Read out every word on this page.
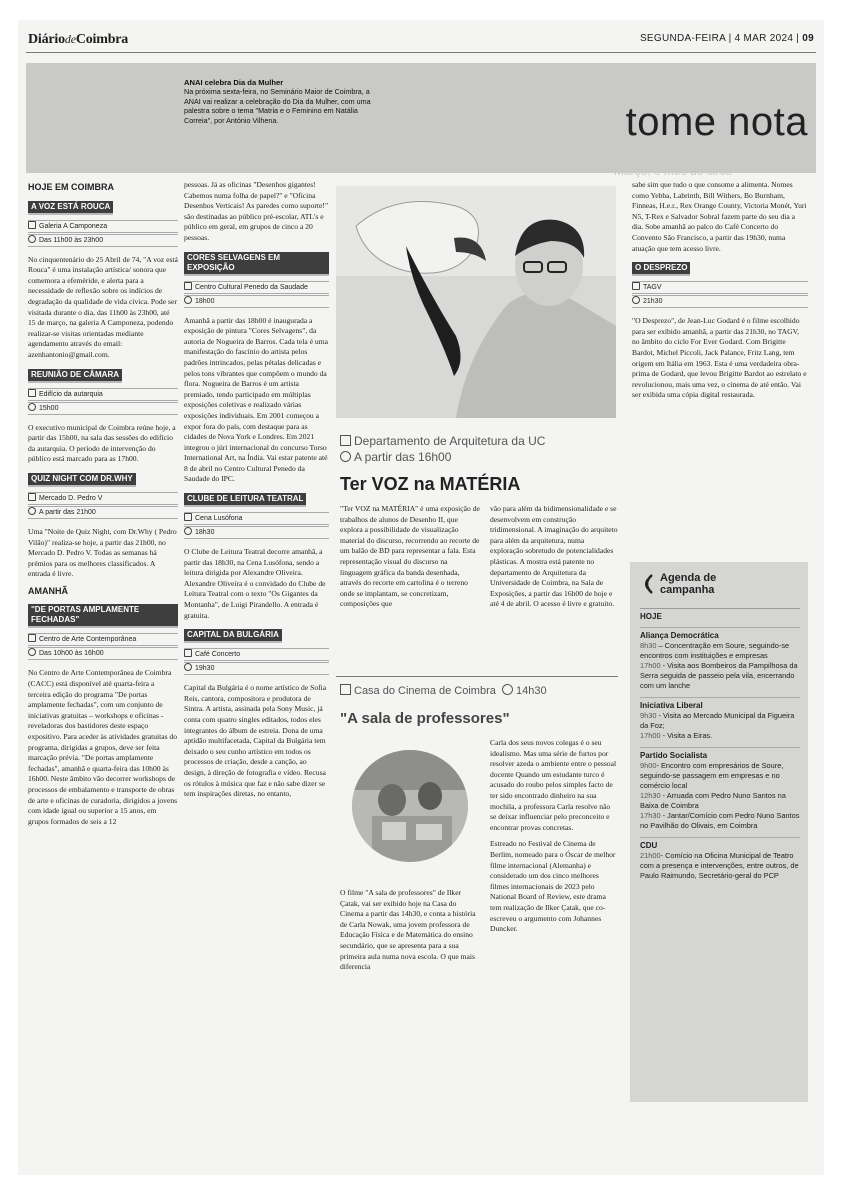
DiáriodeCoimbra	SEGUNDA-FEIRA | 4 MAR 2024 | 09
ANAI celebra Dia da Mulher
Na próxima sexta-feira, no Seminário Maior de Coimbra, a ANAI vai realizar a celebração do Dia da Mulher, com uma palestra sobre o tema "Matria e o Feminino em Natália Correia", por António Vilhena.	tome nota
Março, o mês do circo
HOJE EM COIMBRA
A VOZ ESTÁ ROUCA
Galeria A Camponeza
Das 11h00 às 23h00

No cinquentenário do 25 Abril de 74, "A voz está Rouca" é uma instalação artística/ sonora que comemora a efeméride, e alerta para a necessidade de reflexão sobre os indícios de degradação da qualidade de vida cívica. Pode ser visitada durante o dia, das 11h00 às 23h00, até 15 de março, na galeria A Camponeza, podendo realizar-se visitas orientadas mediante agendamento através do email: azenhantonio@gmail.com.

REUNIÃO DE CÂMARA
Edifício da autarquia
15h00

O executivo municipal de Coimbra reúne hoje, a partir das 15h00, na sala das sessões do edifício da autarquia. O período de intervenção do público está marcado para as 17h00.

QUIZ NIGHT COM DR.WHY
Mercado D. Pedro V
A partir das 21h00

Uma "Noite de Quiz Night, com Dr.Why ( Pedro Vilão)" realiza-se hoje, a partir das 21h00, no Mercado D. Pedro V. Todas as semanas há prémios para os melhores classificados. A entrada é livre.

AMANHÃ
"DE PORTAS AMPLAMENTE FECHADAS"
Centro de Arte Contemporânea
Das 10h00 às 16h00

No Centro de Arte Contemporânea de Coimbra (CACC) está disponível até quarta-feira a terceira edição do programa "De portas amplamente fechadas", com um conjunto de iniciativas gratuitas – workshops e oficinas - reveladoras dos bastidores deste espaço expositivo. Para aceder às atividades gratuitas do programa, dirigidas a grupos, deve ser feita marcação prévia. "De portas amplamente fechadas", amanhã e quarta-feira das 10h00 às 16h00. Neste âmbito vão decorrer workshops de processos de embalamento e transporte de obras de arte e oficinas de curadoria, dirigidos a jovens com idade igual ou superior a 15 anos, em grupos formados de seis a 12

pessoas. Já as oficinas "Desenhos gigantes! Cabemos numa folha de papel?" e "Oficina Desenhos Verticais! As paredes como suporte!" são destinadas ao público pré-escolar, ATL's e público em geral, em grupos de cinco a 20 pessoas.

CORES SELVAGENS EM EXPOSIÇÃO
Centro Cultural Penedo da Saudade
18h00

Amanhã a partir das 18h00 é inaugurada a exposição de pintura "Cores Selvagens", da autoria de Nogueira de Barros. Cada tela é uma manifestação do fascínio do artista pelos padrões intrincados, pelas pétalas delicadas e pelos tons vibrantes que compõem o mundo da flora. Nogueira de Barros é um artista premiado, tendo participado em múltiplas exposições coletivas e realizado várias exposições individuais. Em 2001 começou a expor fora do país, com destaque para as cidades de Nova York e Londres. Em 2021 integrou o júri internacional do concurso Torso International Art, na Índia. Vai estar patente até 8 de abril no Centro Cultural Penedo da Saudade do IPC.

CLUBE DE LEITURA TEATRAL
Cena Lusófona
18h30

O Clube de Leitura Teatral decorre amanhã, a partir das 18h30, na Cena Lusófona, sendo a leitura dirigida por Alexandre Oliveira. Alexandre Oliveira é o convidado do Clube de Leitura Teatral com o texto "Os Gigantes da Montanha", de Luigi Pirandello. A entrada é gratuita.

CAPITAL DA BULGÁRIA
Café Concerto
19h30

Capital da Bulgária é o nome artístico de Sofia Reis, cantora, compositora e produtora de Sintra. A artista, assinada pela Sony Music, já conta com quatro singles editados, todos eles integrantes do álbum de estreia. Dona de uma aptidão multifacetada, Capital da Bulgária tem deixado o seu cunho artístico em todos os processos de criação, desde a canção, ao design, à direção de fotografia e vídeo. Recusa os rótulos à música que faz e não sabe dizer se tem inspirações diretas, no entanto,

Departamento de Arquitetura da UC
A partir das 16h00
Ter VOZ na MATÉRIA

"Ter VOZ na MATÉRIA" é uma exposição de trabalhos de alunos de Desenho II, que explora a possibilidade de visualização material do discurso, recorrendo ao recorte de um balão de BD para representar a fala. Esta representação visual do discurso na linguagem gráfica da banda desenhada, através do recorte em cartolina é o terreno onde se implantam, se concretizam, composições que

vão para além da bidimensionalidade e se desenvolvem em construção tridimensional. A imaginação do arquiteto para além da arquitetura, numa exploração sobretudo de potencialidades plásticas. A mostra está patente no departamento de Arquitetura da Universidade de Coimbra, na Sala de Exposições, a partir das 16h00 de hoje e até 4 de abril. O acesso é livre e gratuito.

Casa do Cinema de Coimbra 14h30
"A sala de professores"

O filme "A sala de professores" de Ilker Çatak, vai ser exibido hoje na Casa do Cinema a partir das 14h30, e conta a história de Carla Nowak, uma jovem professora de Educação Física e de Matemática do ensino secundário, que se apresenta para a sua primeira aula numa nova escola. O que mais diferencia

Carla dos seus novos colegas é o seu idealismo. Mas uma série de furtos por resolver azeda o ambiente entre o pessoal docente Quando um estudante turco é acusado do roubo pelos simples facto de ter sido encontrado dinheiro na sua mochila, a professora Carla resolve não se deixar influenciar pelo preconceito e encontrar provas concretas.

Estreado no Festival de Cinema de Berlim, nomeado para o Óscar de melhor filme internacional (Alemanha) e considerado um dos cinco melhores filmes internacionais de 2023 pelo National Board of Review, este drama tem realização de Ilker Çatak, que co-escreveu o argumento com Johannes Duncker.

sabe sim que tudo o que consome a alimenta. Nomes como Yebba, Labrinth, Bill Withers, Bo Burnham, Finneas, H.e.r., Rex Orange County, Victoria Monét, Yuri N5, T-Rex e Salvador Sobral fazem parte do seu dia a dia. Sobe amanhã ao palco do Café Concerto do Convento São Francisco, a partir das 19h30, numa atuação que tem acesso livre.

O DESPREZO
TAGV
21h30

"O Desprezo", de Jean-Luc Godard é o filme escolhido para ser exibido amanhã, a partir das 21h30, no TAGV, no âmbito do ciclo For Ever Godard. Com Brigitte Bardot, Michel Piccoli, Jack Palance, Fritz Lang, tem origem em Itália em 1963. Esta é uma verdadeira obra-prima de Godard, que levou Brigitte Bardot ao estrelato e revolucionou, mais uma vez, o cinema de até então. Vai ser exibida uma cópia digital restaurada.

Agenda de
campanha
HOJE
Aliança Democrática
8h30 – Concentração em Soure, seguindo-se encontros com instituições e empresas
17h00 - Visita aos Bombeiros da Pampilhosa da Serra seguida de passeio pela vila, encerrando com um lanche
Iniciativa Liberal
9h30 - Visita ao Mercado Municipal da Figueira da Foz;
17h00 - Visita a Eiras.
Partido Socialista
9h00- Encontro com empresários de Soure, seguindo-se passagem em empresas e no comércio local
12h30 - Arruada com Pedro Nuno Santos na Baixa de Coimbra
17h30 - Jantar/Comício com Pedro Nuno Santos no Pavilhão do Olivais, em Coimbra
CDU
21h00- Comício na Oficina Municipal de Teatro com a presença e intervenções, entre outros, de Paulo Raimundo, Secretário-geral do PCP
